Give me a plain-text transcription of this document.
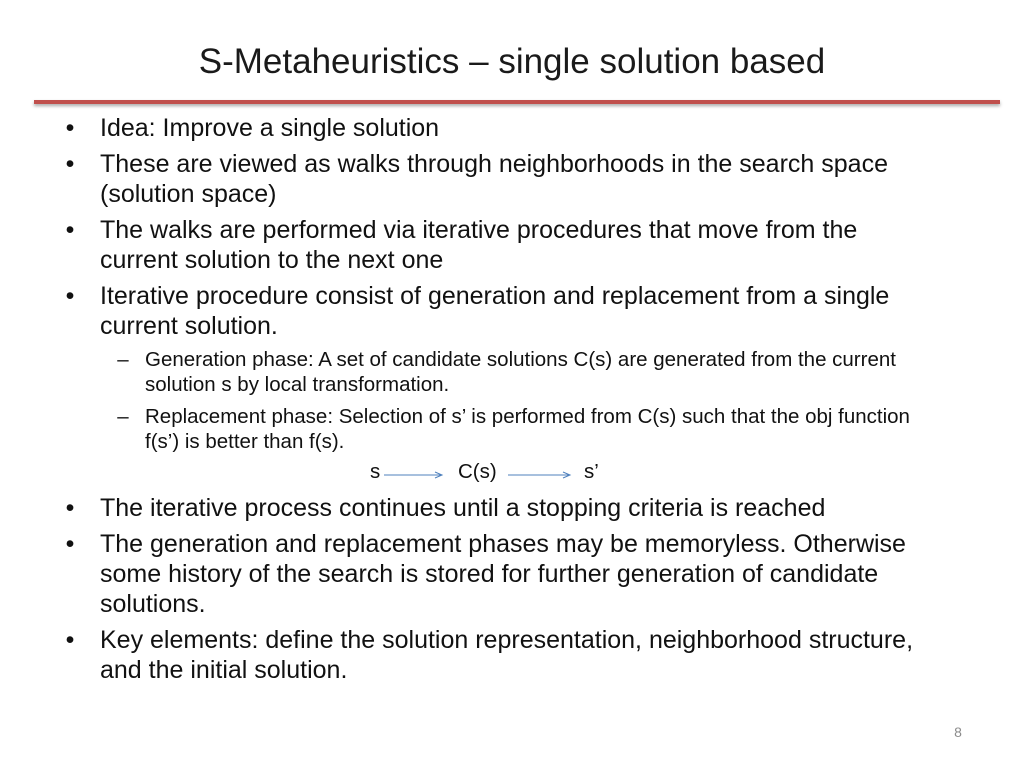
S-Metaheuristics – single solution based
• Idea: Improve a single solution
• These are viewed as walks through neighborhoods in the search space (solution space)
• The walks are performed via iterative procedures that move from the current solution to the next one
• Iterative procedure consist of generation and replacement from a single current solution.
– Generation phase: A set of candidate solutions C(s) are generated from the current solution s by local transformation.
– Replacement phase: Selection of s’ is performed from C(s) such that the obj function f(s’) is better than f(s).
s	C(s)	s’
• The iterative process continues until a stopping criteria is reached
• The generation and replacement phases may be memoryless. Otherwise some history of the search is stored for further generation of candidate solutions.
• Key elements: define the solution representation, neighborhood structure, and the initial solution.
8
